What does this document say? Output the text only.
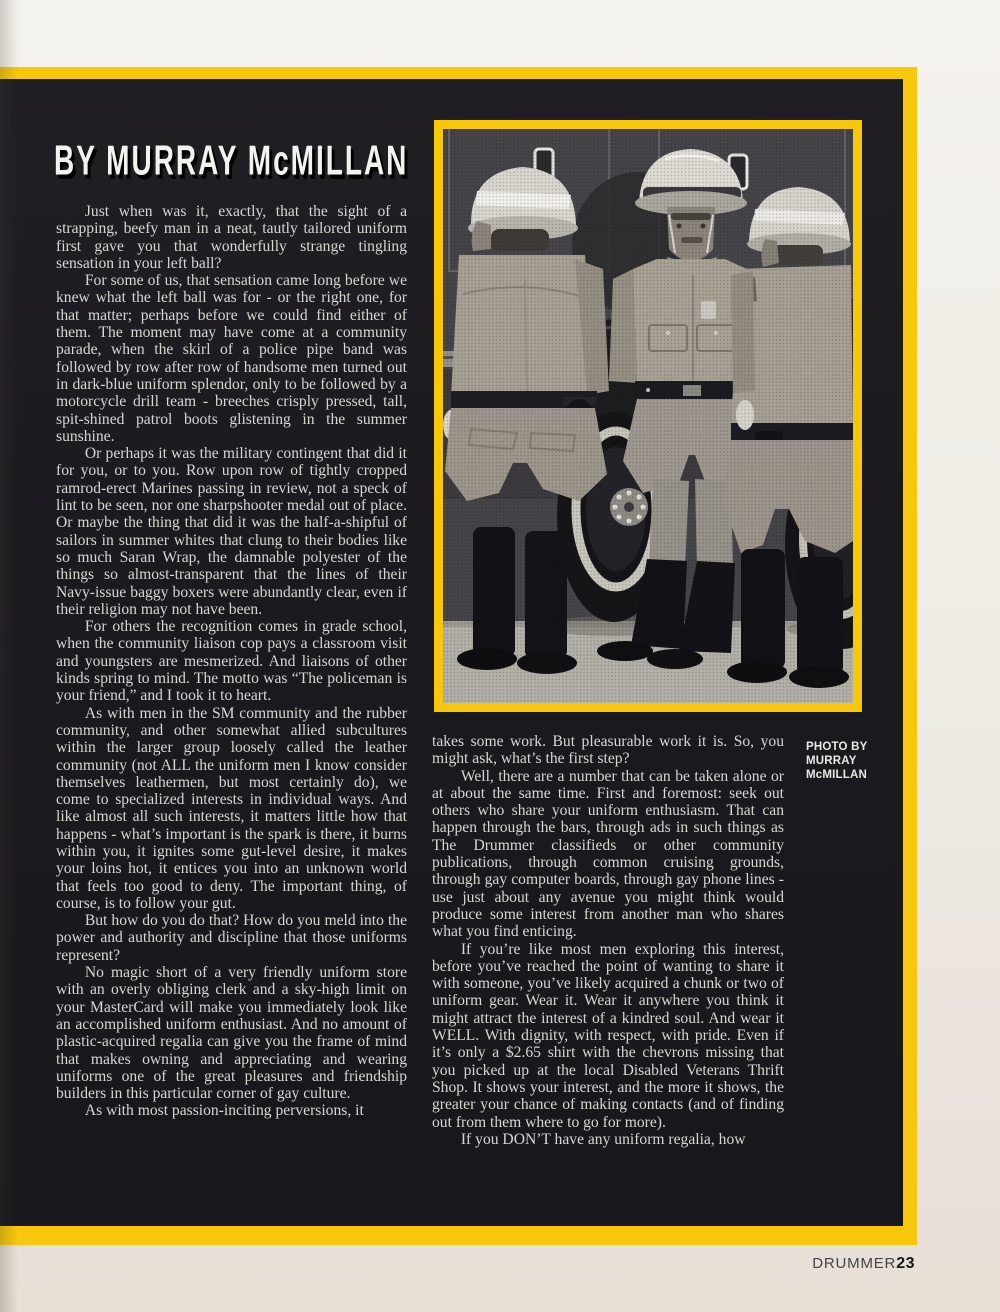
BY MURRAY McMILLAN

Just when was it, exactly, that the sight of a strapping, beefy man in a neat, tautly tailored uniform first gave you that wonderfully strange tingling sensation in your left ball?

For some of us, that sensation came long before we knew what the left ball was for - or the right one, for that matter; perhaps before we could find either of them. The moment may have come at a community parade, when the skirl of a police pipe band was followed by row after row of handsome men turned out in dark-blue uniform splendor, only to be followed by a motorcycle drill team - breeches crisply pressed, tall, spit-shined patrol boots glistening in the summer sunshine.

Or perhaps it was the military contingent that did it for you, or to you. Row upon row of tightly cropped ramrod-erect Marines passing in review, not a speck of lint to be seen, nor one sharpshooter medal out of place. Or maybe the thing that did it was the half-a-shipful of sailors in summer whites that clung to their bodies like so much Saran Wrap, the damnable polyester of the things so almost-transparent that the lines of their Navy-issue baggy boxers were abundantly clear, even if their religion may not have been.

For others the recognition comes in grade school, when the community liaison cop pays a classroom visit and youngsters are mesmerized. And liaisons of other kinds spring to mind. The motto was “The policeman is your friend,” and I took it to heart.

As with men in the SM community and the rubber community, and other somewhat allied subcultures within the larger group loosely called the leather community (not ALL the uniform men I know consider themselves leathermen, but most certainly do), we come to specialized interests in individual ways. And like almost all such interests, it matters little how that happens - what’s important is the spark is there, it burns within you, it ignites some gut-level desire, it makes your loins hot, it entices you into an unknown world that feels too good to deny. The important thing, of course, is to follow your gut.

But how do you do that? How do you meld into the power and authority and discipline that those uniforms represent?

No magic short of a very friendly uniform store with an overly obliging clerk and a sky-high limit on your MasterCard will make you immediately look like an accomplished uniform enthusiast. And no amount of plastic-acquired regalia can give you the frame of mind that makes owning and appreciating and wearing uniforms one of the great pleasures and friendship builders in this particular corner of gay culture.

As with most passion-inciting perversions, it

takes some work. But pleasurable work it is. So, you might ask, what’s the first step?

Well, there are a number that can be taken alone or at about the same time. First and foremost: seek out others who share your uniform enthusiasm. That can happen through the bars, through ads in such things as The Drummer classifieds or other community publications, through common cruising grounds, through gay computer boards, through gay phone lines - use just about any avenue you might think would produce some interest from another man who shares what you find enticing.

If you’re like most men exploring this interest, before you’ve reached the point of wanting to share it with someone, you’ve likely acquired a chunk or two of uniform gear. Wear it. Wear it anywhere you think it might attract the interest of a kindred soul. And wear it WELL. With dignity, with respect, with pride. Even if it’s only a $2.65 shirt with the chevrons missing that you picked up at the local Disabled Veterans Thrift Shop. It shows your interest, and the more it shows, the greater your chance of making contacts (and of finding out from them where to go for more).

If you DON’T have any uniform regalia, how

PHOTO BY
MURRAY
McMILLAN
DRUMMER23
